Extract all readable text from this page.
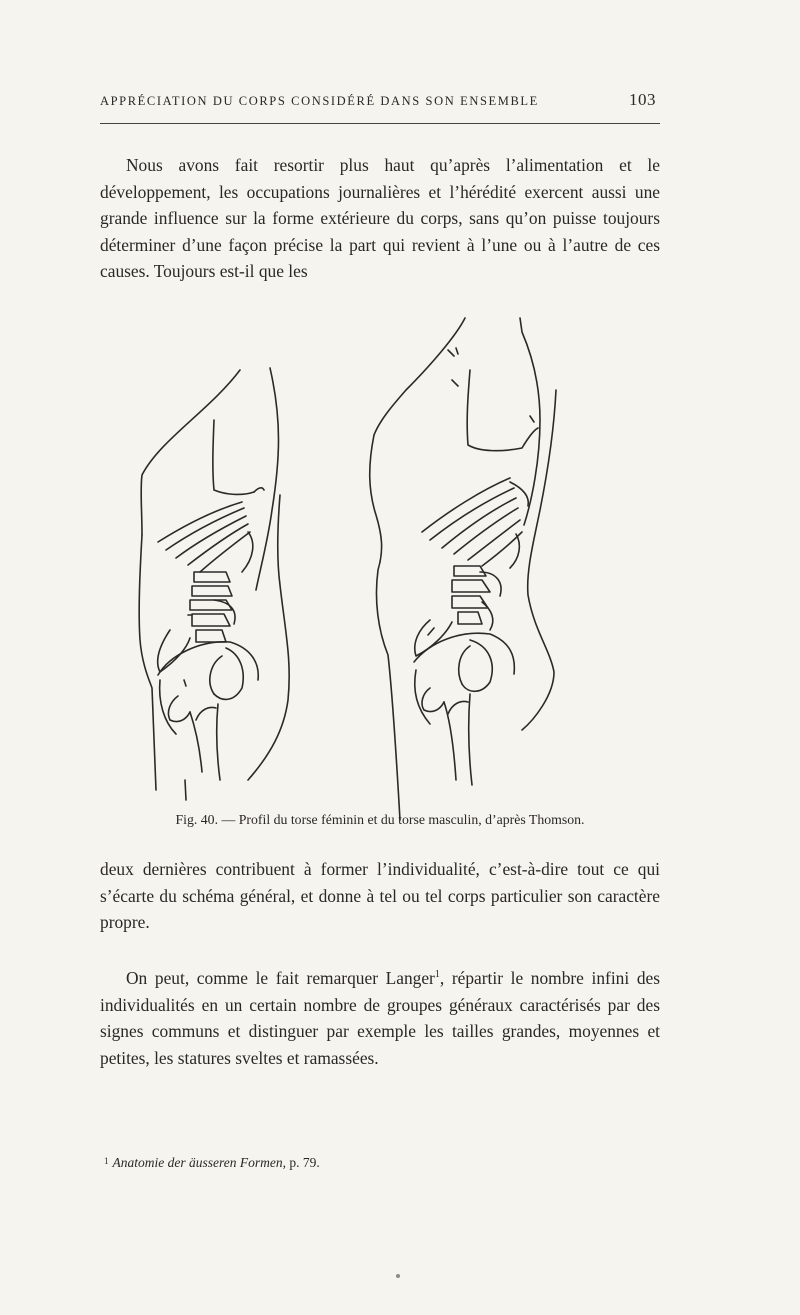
APPRÉCIATION DU CORPS CONSIDÉRÉ DANS SON ENSEMBLE	103

Nous avons fait resortir plus haut qu’après l’alimentation et le développement, les occupations journalières et l’hérédité exercent aussi une grande influence sur la forme extérieure du corps, sans qu’on puisse toujours déterminer d’une façon précise la part qui revient à l’une ou à l’autre de ces causes. Toujours est-il que les

Fig. 40. — Profil du torse féminin et du torse masculin, d’après Thomson.

deux dernières contribuent à former l’individualité, c’est-à-dire tout ce qui s’écarte du schéma général, et donne à tel ou tel corps particulier son caractère propre.

On peut, comme le fait remarquer Langer$^1$, répartir le nombre infini des individualités en un certain nombre de groupes généraux caractérisés par des signes communs et distinguer par exemple les tailles grandes, moyennes et petites, les statures sveltes et ramassées.

$^1$ Anatomie der äusseren Formen, p. 79.
